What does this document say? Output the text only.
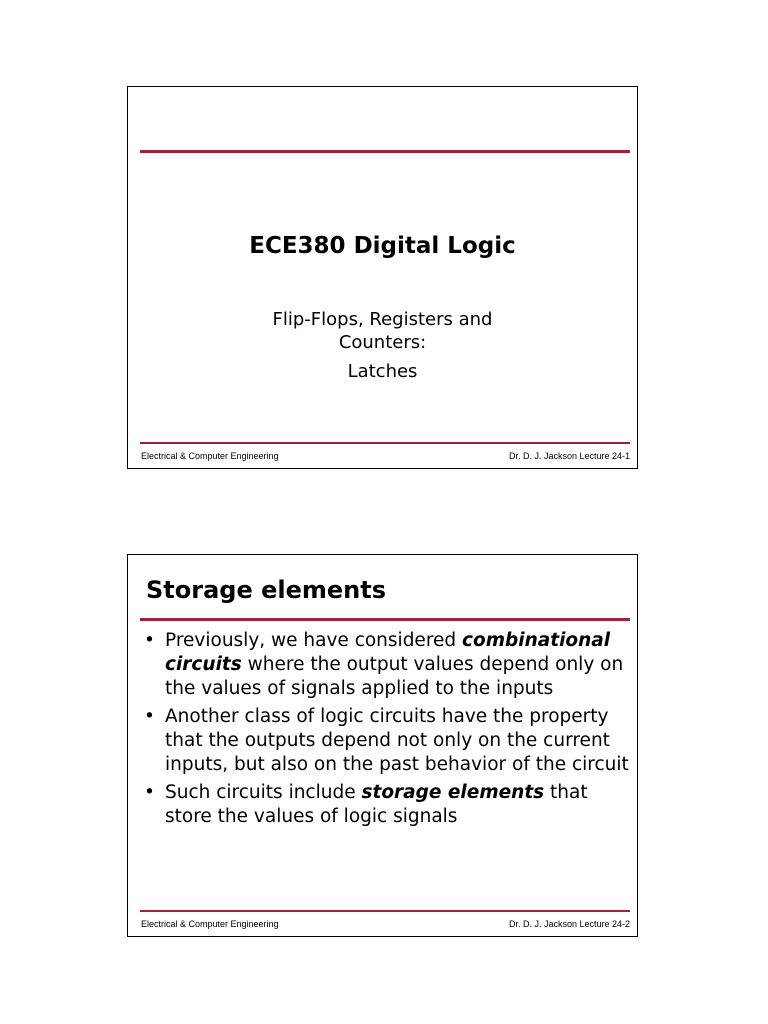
ECE380 Digital Logic
Flip-Flops, Registers and
Counters:
Latches
Electrical & Computer Engineering	Dr. D. J. Jackson Lecture 24-1
Storage elements
• Previously, we have considered combinational circuits where the output values depend only on the values of signals applied to the inputs
• Another class of logic circuits have the property that the outputs depend not only on the current inputs, but also on the past behavior of the circuit
• Such circuits include storage elements that store the values of logic signals
Electrical & Computer Engineering	Dr. D. J. Jackson Lecture 24-2
